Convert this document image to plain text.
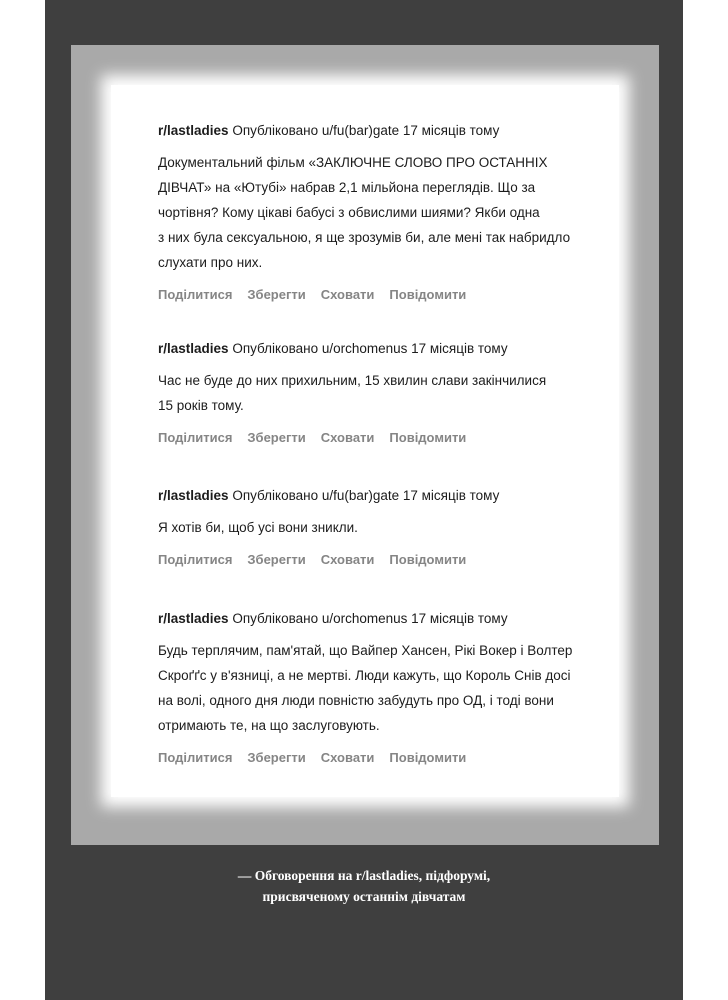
r/lastladies Опубліковано u/fu(bar)gate 17 місяців тому

Документальний фільм «ЗАКЛЮЧНЕ СЛОВО ПРО ОСТАННІХ
ДІВЧАТ» на «Ютубі» набрав 2,1 мільйона переглядів. Що за
чортівня? Кому цікаві бабусі з обвислими шиями? Якби одна
з них була сексуальною, я ще зрозумів би, але мені так набридло
слухати про них.
Поділитися Зберегти Сховати Повідомити

r/lastladies Опубліковано u/orchomenus 17 місяців тому

Час не буде до них прихильним, 15 хвилин слави закінчилися
15 років тому.
Поділитися Зберегти Сховати Повідомити

r/lastladies Опубліковано u/fu(bar)gate 17 місяців тому

Я хотів би, щоб усі вони зникли.
Поділитися Зберегти Сховати Повідомити

r/lastladies Опубліковано u/orchomenus 17 місяців тому

Будь терплячим, пам'ятай, що Вайпер Хансен, Рікі Вокер і Волтер
Скроґґс у в'язниці, а не мертві. Люди кажуть, що Король Снів досі
на волі, одного дня люди повністю забудуть про ОД, і тоді вони
отримають те, на що заслуговують.
Поділитися Зберегти Сховати Повідомити
— Обговорення на r/lastladies, підфорумі,
присвяченому останнім дівчатам
